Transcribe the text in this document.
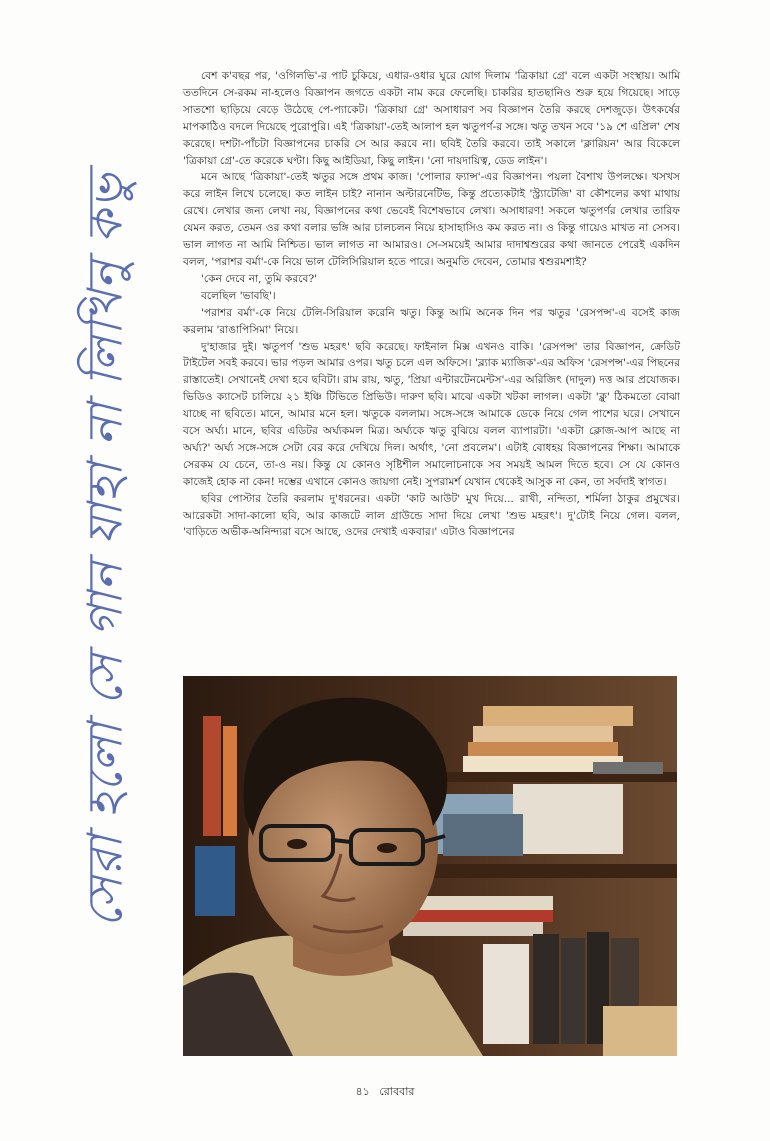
সেরা হলো সে গান যাহা না লিখিনু কভু

বেশ ক'বছর পর, 'ওগিলভি'-র পাট চুকিয়ে, এধার-ওধার ঘুরে যোগ দিলাম 'ত্রিকায়া গ্রে' বলে একটা সংস্থায়। আমি ততদিনে সে-রকম না-হলেও বিজ্ঞাপন জগতে একটা নাম করে ফেলেছি। চাকরির হাতছানিও শুরু হয়ে গিয়েছে। সাড়ে সাতশো ছাড়িয়ে বেড়ে উঠেছে পে-প্যাকেট। 'ত্রিকায়া গ্রে' অসাধারণ সব বিজ্ঞাপন তৈরি করছে দেশজুড়ে। উৎকর্ষের মাপকাঠিও বদলে দিয়েছে পুরোপুরি। এই 'ত্রিকায়া'-তেই আলাপ হল ঋতুপর্ণ-র সঙ্গে। ঋতু তখন সবে '১৯ শে এপ্রিল' শেষ করেছে। দশটা-পাঁচটা বিজ্ঞাপনের চাকরি সে আর করবে না। ছবিই তৈরি করবে। তাই সকালে 'ক্লারিয়ন' আর বিকেলে 'ত্রিকায়া গ্রে'-তে করেকে ঘণ্টা। কিছু আইডিয়া, কিছু লাইন। 'নো দায়দায়িত্ব, ডেড লাইন'।

মনে আছে 'ত্রিকায়া'-তেই ঋতুর সঙ্গে প্রথম কাজ। 'পোলার ফ্যান্স'-এর বিজ্ঞাপন। পয়লা বৈশাখ উপলক্ষে। খসখস করে লাইন লিখে চলেছে। কত লাইন চাই? নানান অল্টারনেটিভ, কিন্তু প্রত্যেকটাই 'স্ট্র্যাটেজি' বা কৌশলের কথা মাথায় রেখে। লেখার জন্য লেখা নয়, বিজ্ঞাপনের কথা ভেবেই বিশেষভাবে লেখা। অসাধারণ! সকলে ঋতুপর্ণর লেখার তারিফ যেমন করত, তেমন ওর কথা বলার ভঙ্গি আর চালচলন নিয়ে হাসাহাসিও কম করত না। ও কিন্তু গায়েও মাখত না সেসব। ভাল লাগত না আমি নিশ্চিত। ভাল লাগত না আমারও। সে-সময়েই আমার দাদাশ্বশুরের কথা জানতে পেরেই একদিন বলল, 'পরাশর বর্মা'-কে নিয়ে ভাল টেলিসিরিয়াল হতে পারে। অনুমতি দেবেন, তোমার শ্বশুরমশাই?

'কেন দেবে না, তুমি করবে?'

বলেছিল 'ভাবছি'।

'পরাশর বর্মা'-কে নিয়ে টেলি-সিরিয়াল করেনি ঋতু। কিন্তু আমি অনেক দিন পর ঋতুর 'রেসপন্স'-এ বসেই কাজ করলাম 'রাঙাপিসিমা' নিয়ে।

দু'হাজার দুই। ঋতুপর্ণ 'শুভ মহরৎ' ছবি করেছে। ফাইনাল মিক্স এখনও বাকি। 'রেসপন্স' তার বিজ্ঞাপন, ক্রেডিট টাইটেল সবই করবে। ভার পড়ল আমার ওপর। ঋতু চলে এল অফিসে। 'ব্ল্যাক ম্যাজিক'-এর অফিস 'রেসপন্স'-এর পিছনের রাস্তাতেই। সেখানেই দেখা হবে ছবিটা। রাম রায়, ঋতু, 'প্রিয়া এন্টারটেনমেন্টস'-এর অরিজিৎ (দাদুল) দত্ত আর প্রযোজক। ভিডিও ক্যাসেট চালিয়ে ২১ ইঞ্চি টিভিতে প্রিভিউ। দারুণ ছবি। মাঝে একটা খটকা লাগল। একটা 'ক্লু' ঠিকমতো বোঝা যাচ্ছে না ছবিতে। মানে, আমার মনে হল। ঋতুকে বললাম। সঙ্গে-সঙ্গে আমাকে ডেকে নিয়ে গেল পাশের ঘরে। সেখানে বসে অর্ঘ্য। মানে, ছবির এডিটর অর্ঘ্যকমল মিত্র। অর্ঘ্যকে ঋতু বুঝিয়ে বলল ব্যাপারটা। 'একটা ক্লোজ-আপ আছে না অর্ঘ্য?' অর্ঘ্য সঙ্গে-সঙ্গে সেটা বের করে দেখিয়ে দিল। অর্থাৎ, 'নো প্রবলেম'। এটাই বোধহয় বিজ্ঞাপনের শিক্ষা। আমাকে সেরকম যে চেনে, তা-ও নয়। কিন্তু যে কোনও সৃষ্টিশীল সমালোচনাকে সব সময়ই আমল দিতে হবে। সে যে কোনও কাজেই হোক না কেন! দম্ভের এখানে কোনও জায়গা নেই। সুপরামর্শ যেখান থেকেই আসুক না কেন, তা সর্বদাই স্বাগত।

ছবির পোস্টার তৈরি করলাম দু'ধরনের। একটা 'কাট আউট' মুখ দিয়ে... রাখী, নন্দিতা, শর্মিলা ঠাকুর প্রমুখের। আরেকটা সাদা-কালো ছবি, আর কাজটে লাল গ্রাউন্ডে সাদা দিয়ে লেখা 'শুভ মহরৎ'। দু'টোই নিয়ে গেল। বলল, 'বাড়িতে অভীক-অনিন্দ্যরা বসে আছে, ওদের দেখাই একবার।' এটাও বিজ্ঞাপনের

৪১ রোববার
